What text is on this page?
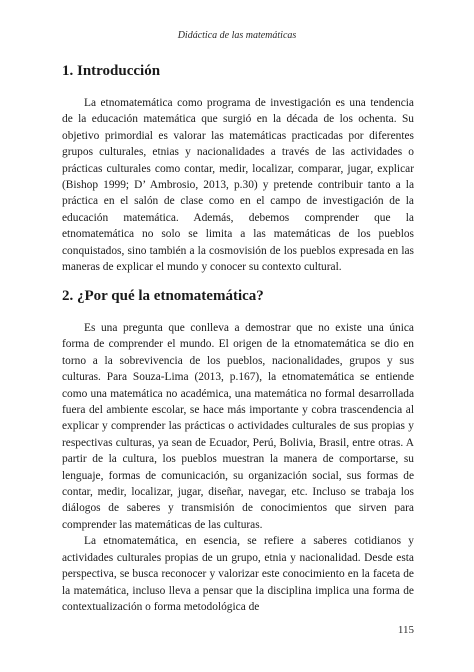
Didáctica de las matemáticas
1. Introducción

La etnomatemática como programa de investigación es una tendencia de la educación matemática que surgió en la década de los ochenta. Su objetivo primordial es valorar las matemáticas practicadas por diferentes grupos culturales, etnias y nacionalidades a través de las actividades o prácticas culturales como contar, medir, localizar, comparar, jugar, explicar (Bishop 1999; D’ Ambrosio, 2013, p.30) y pretende contribuir tanto a la práctica en el salón de clase como en el campo de investigación de la educación matemática. Además, debemos comprender que la etnomatemática no solo se limita a las matemáticas de los pueblos conquistados, sino también a la cosmovisión de los pueblos expresada en las maneras de explicar el mundo y conocer su contexto cultural.

2. ¿Por qué la etnomatemática?

Es una pregunta que conlleva a demostrar que no existe una única forma de comprender el mundo. El origen de la etnomatemática se dio en torno a la sobrevivencia de los pueblos, nacionalidades, grupos y sus culturas. Para Souza-Lima (2013, p.167), la etnomatemática se entiende como una matemática no académica, una matemática no formal desarrollada fuera del ambiente escolar, se hace más importante y cobra trascendencia al explicar y comprender las prácticas o actividades culturales de sus propias y respectivas culturas, ya sean de Ecuador, Perú, Bolivia, Brasil, entre otras. A partir de la cultura, los pueblos muestran la manera de comportarse, su lenguaje, formas de comunicación, su organización social, sus formas de contar, medir, localizar, jugar, diseñar, navegar, etc. Incluso se trabaja los diálogos de saberes y transmisión de conocimientos que sirven para comprender las matemáticas de las culturas.

La etnomatemática, en esencia, se refiere a saberes cotidianos y actividades culturales propias de un grupo, etnia y nacionalidad. Desde esta perspectiva, se busca reconocer y valorizar este conocimiento en la faceta de la matemática, incluso lleva a pensar que la disciplina implica una forma de contextualización o forma metodológica de

115
